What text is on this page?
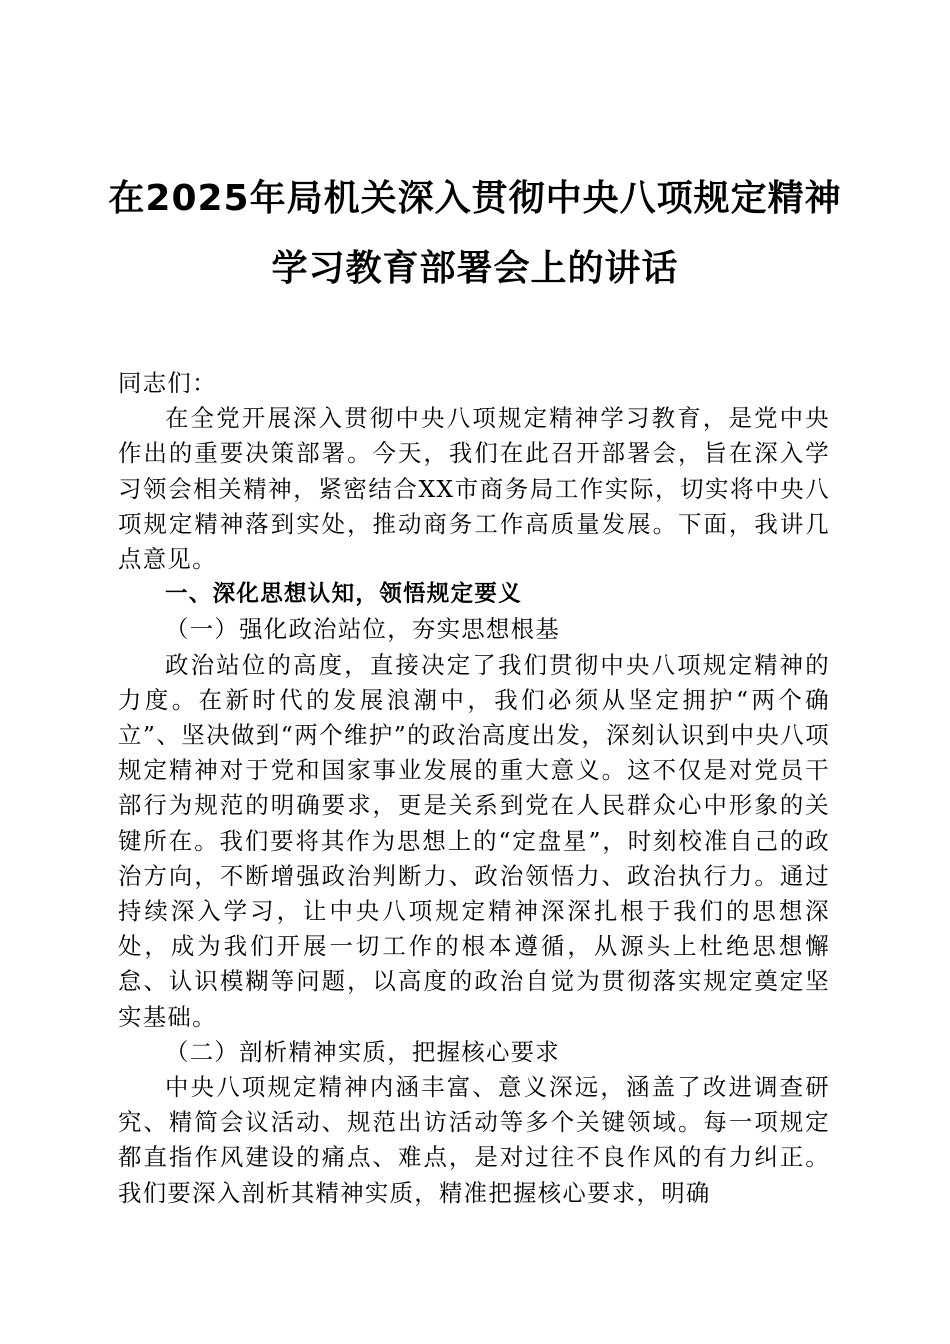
在2025年局机关深入贯彻中央八项规定精神
学习教育部署会上的讲话

同志们：

在全党开展深入贯彻中央八项规定精神学习教育，是党中央作出的重要决策部署。今天，我们在此召开部署会，旨在深入学习领会相关精神，紧密结合XX市商务局工作实际，切实将中央八项规定精神落到实处，推动商务工作高质量发展。下面，我讲几点意见。

一、深化思想认知，领悟规定要义

（一）强化政治站位，夯实思想根基

政治站位的高度，直接决定了我们贯彻中央八项规定精神的力度。在新时代的发展浪潮中，我们必须从坚定拥护“两个确立”、坚决做到“两个维护”的政治高度出发，深刻认识到中央八项规定精神对于党和国家事业发展的重大意义。这不仅是对党员干部行为规范的明确要求，更是关系到党在人民群众心中形象的关键所在。我们要将其作为思想上的“定盘星”，时刻校准自己的政治方向，不断增强政治判断力、政治领悟力、政治执行力。通过持续深入学习，让中央八项规定精神深深扎根于我们的思想深处，成为我们开展一切工作的根本遵循，从源头上杜绝思想懈怠、认识模糊等问题，以高度的政治自觉为贯彻落实规定奠定坚实基础。

（二）剖析精神实质，把握核心要求

中央八项规定精神内涵丰富、意义深远，涵盖了改进调查研究、精简会议活动、规范出访活动等多个关键领域。每一项规定都直指作风建设的痛点、难点，是对过往不良作风的有力纠正。我们要深入剖析其精神实质，精准把握核心要求，明确
